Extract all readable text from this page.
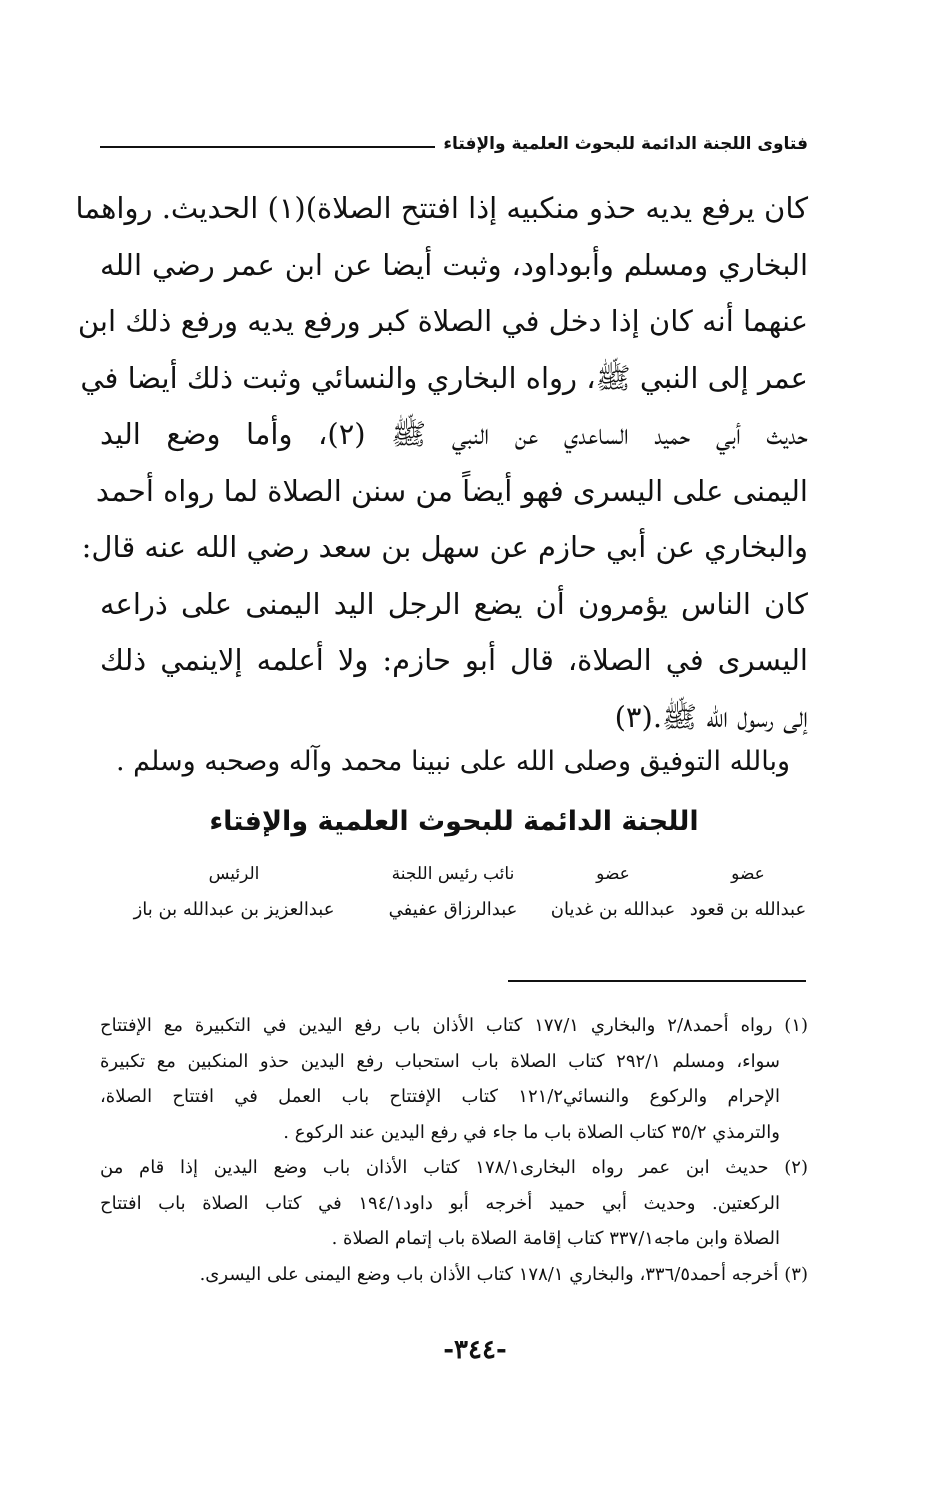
فتاوى اللجنة الدائمة للبحوث العلمية والإفتاء
كان يرفع يديه حذو منكبيه إذا افتتح الصلاة)(١) الحديث. رواهما
البخاري ومسلم وأبوداود، وثبت أيضا عن ابن عمر رضي الله
عنهما أنه كان إذا دخل في الصلاة كبر ورفع يديه ورفع ذلك ابن
عمر إلى النبي ﷺ، رواه البخاري والنسائي وثبت ذلك أيضا في
حديث أبي حميد الساعدي عن النبي ﷺ (٢)، وأما وضع اليد
اليمنى على اليسرى فهو أيضاً من سنن الصلاة لما رواه أحمد
والبخاري عن أبي حازم عن سهل بن سعد رضي الله عنه قال:
كان الناس يؤمرون أن يضع الرجل اليد اليمنى على ذراعه
اليسرى في الصلاة، قال أبو حازم: ولا أعلمه إلاينمي ذلك
إلى رسول الله ﷺ.(٣)
وبالله التوفيق وصلى الله على نبينا محمد وآله وصحبه وسلم .
اللجنة الدائمة للبحوث العلمية والإفتاء
عضو
عبدالله بن قعود
عضو
عبدالله بن غديان
نائب رئيس اللجنة
عبدالرزاق عفيفي
الرئيس
عبدالعزيز بن عبدالله بن باز
(١) رواه أحمد٢/٨ والبخاري ١٧٧/١ كتاب الأذان باب رفع اليدين في التكبيرة مع الإفتتاح
سواء، ومسلم ٢٩٢/١ كتاب الصلاة باب استحباب رفع اليدين حذو المنكبين مع تكبيرة
الإحرام والركوع والنسائي١٢١/٢ كتاب الإفتتاح باب العمل في افتتاح الصلاة،
والترمذي ٣٥/٢ كتاب الصلاة باب ما جاء في رفع اليدين عند الركوع .
(٢) حديث ابن عمر رواه البخارى١٧٨/١ كتاب الأذان باب وضع اليدين إذا قام من
الركعتين. وحديث أبي حميد أخرجه أبو داود١٩٤/١ في كتاب الصلاة باب افتتاح
الصلاة وابن ماجه٣٣٧/١ كتاب إقامة الصلاة باب إتمام الصلاة .
(٣) أخرجه أحمد٣٣٦/٥، والبخاري ١٧٨/١ كتاب الأذان باب وضع اليمنى على اليسرى.
-٣٤٤-
